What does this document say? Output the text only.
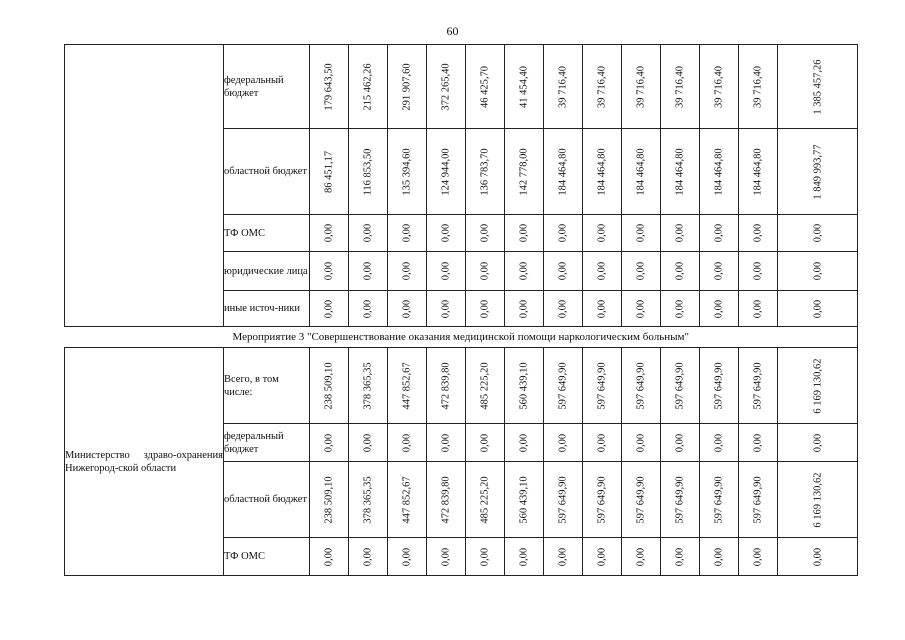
60
	федеральный бюджет	179 643,50	215 462,26	291 907,60	372 265,40	46 425,70	41 454,40	39 716,40	39 716,40	39 716,40	39 716,40	39 716,40	39 716,40	1 385 457,26

	областной бюджет	86 451,17	116 853,50	135 394,60	124 944,00	136 783,70	142 778,00	184 464,80	184 464,80	184 464,80	184 464,80	184 464,80	184 464,80	1 849 993,77

	ТФ ОМС	0,00	0,00	0,00	0,00	0,00	0,00	0,00	0,00	0,00	0,00	0,00	0,00	0,00

	юридические лица	0,00	0,00	0,00	0,00	0,00	0,00	0,00	0,00	0,00	0,00	0,00	0,00	0,00

	иные источ-ники	0,00	0,00	0,00	0,00	0,00	0,00	0,00	0,00	0,00	0,00	0,00	0,00	0,00

Мероприятие 3 "Совершенствование оказания медицинской помощи наркологическим больным"														

Министерство здраво-охранения Нижегород-ской области	Всего, в том числе:	238 509,10	378 365,35	447 852,67	472 839,80	485 225,20	560 439,10	597 649,90	597 649,90	597 649,90	597 649,90	597 649,90	597 649,90	6 169 130,62

	федеральный бюджет	0,00	0,00	0,00	0,00	0,00	0,00	0,00	0,00	0,00	0,00	0,00	0,00	0,00

	областной бюджет	238 509,10	378 365,35	447 852,67	472 839,80	485 225,20	560 439,10	597 649,90	597 649,90	597 649,90	597 649,90	597 649,90	597 649,90	6 169 130,62

	ТФ ОМС	0,00	0,00	0,00	0,00	0,00	0,00	0,00	0,00	0,00	0,00	0,00	0,00	0,00
